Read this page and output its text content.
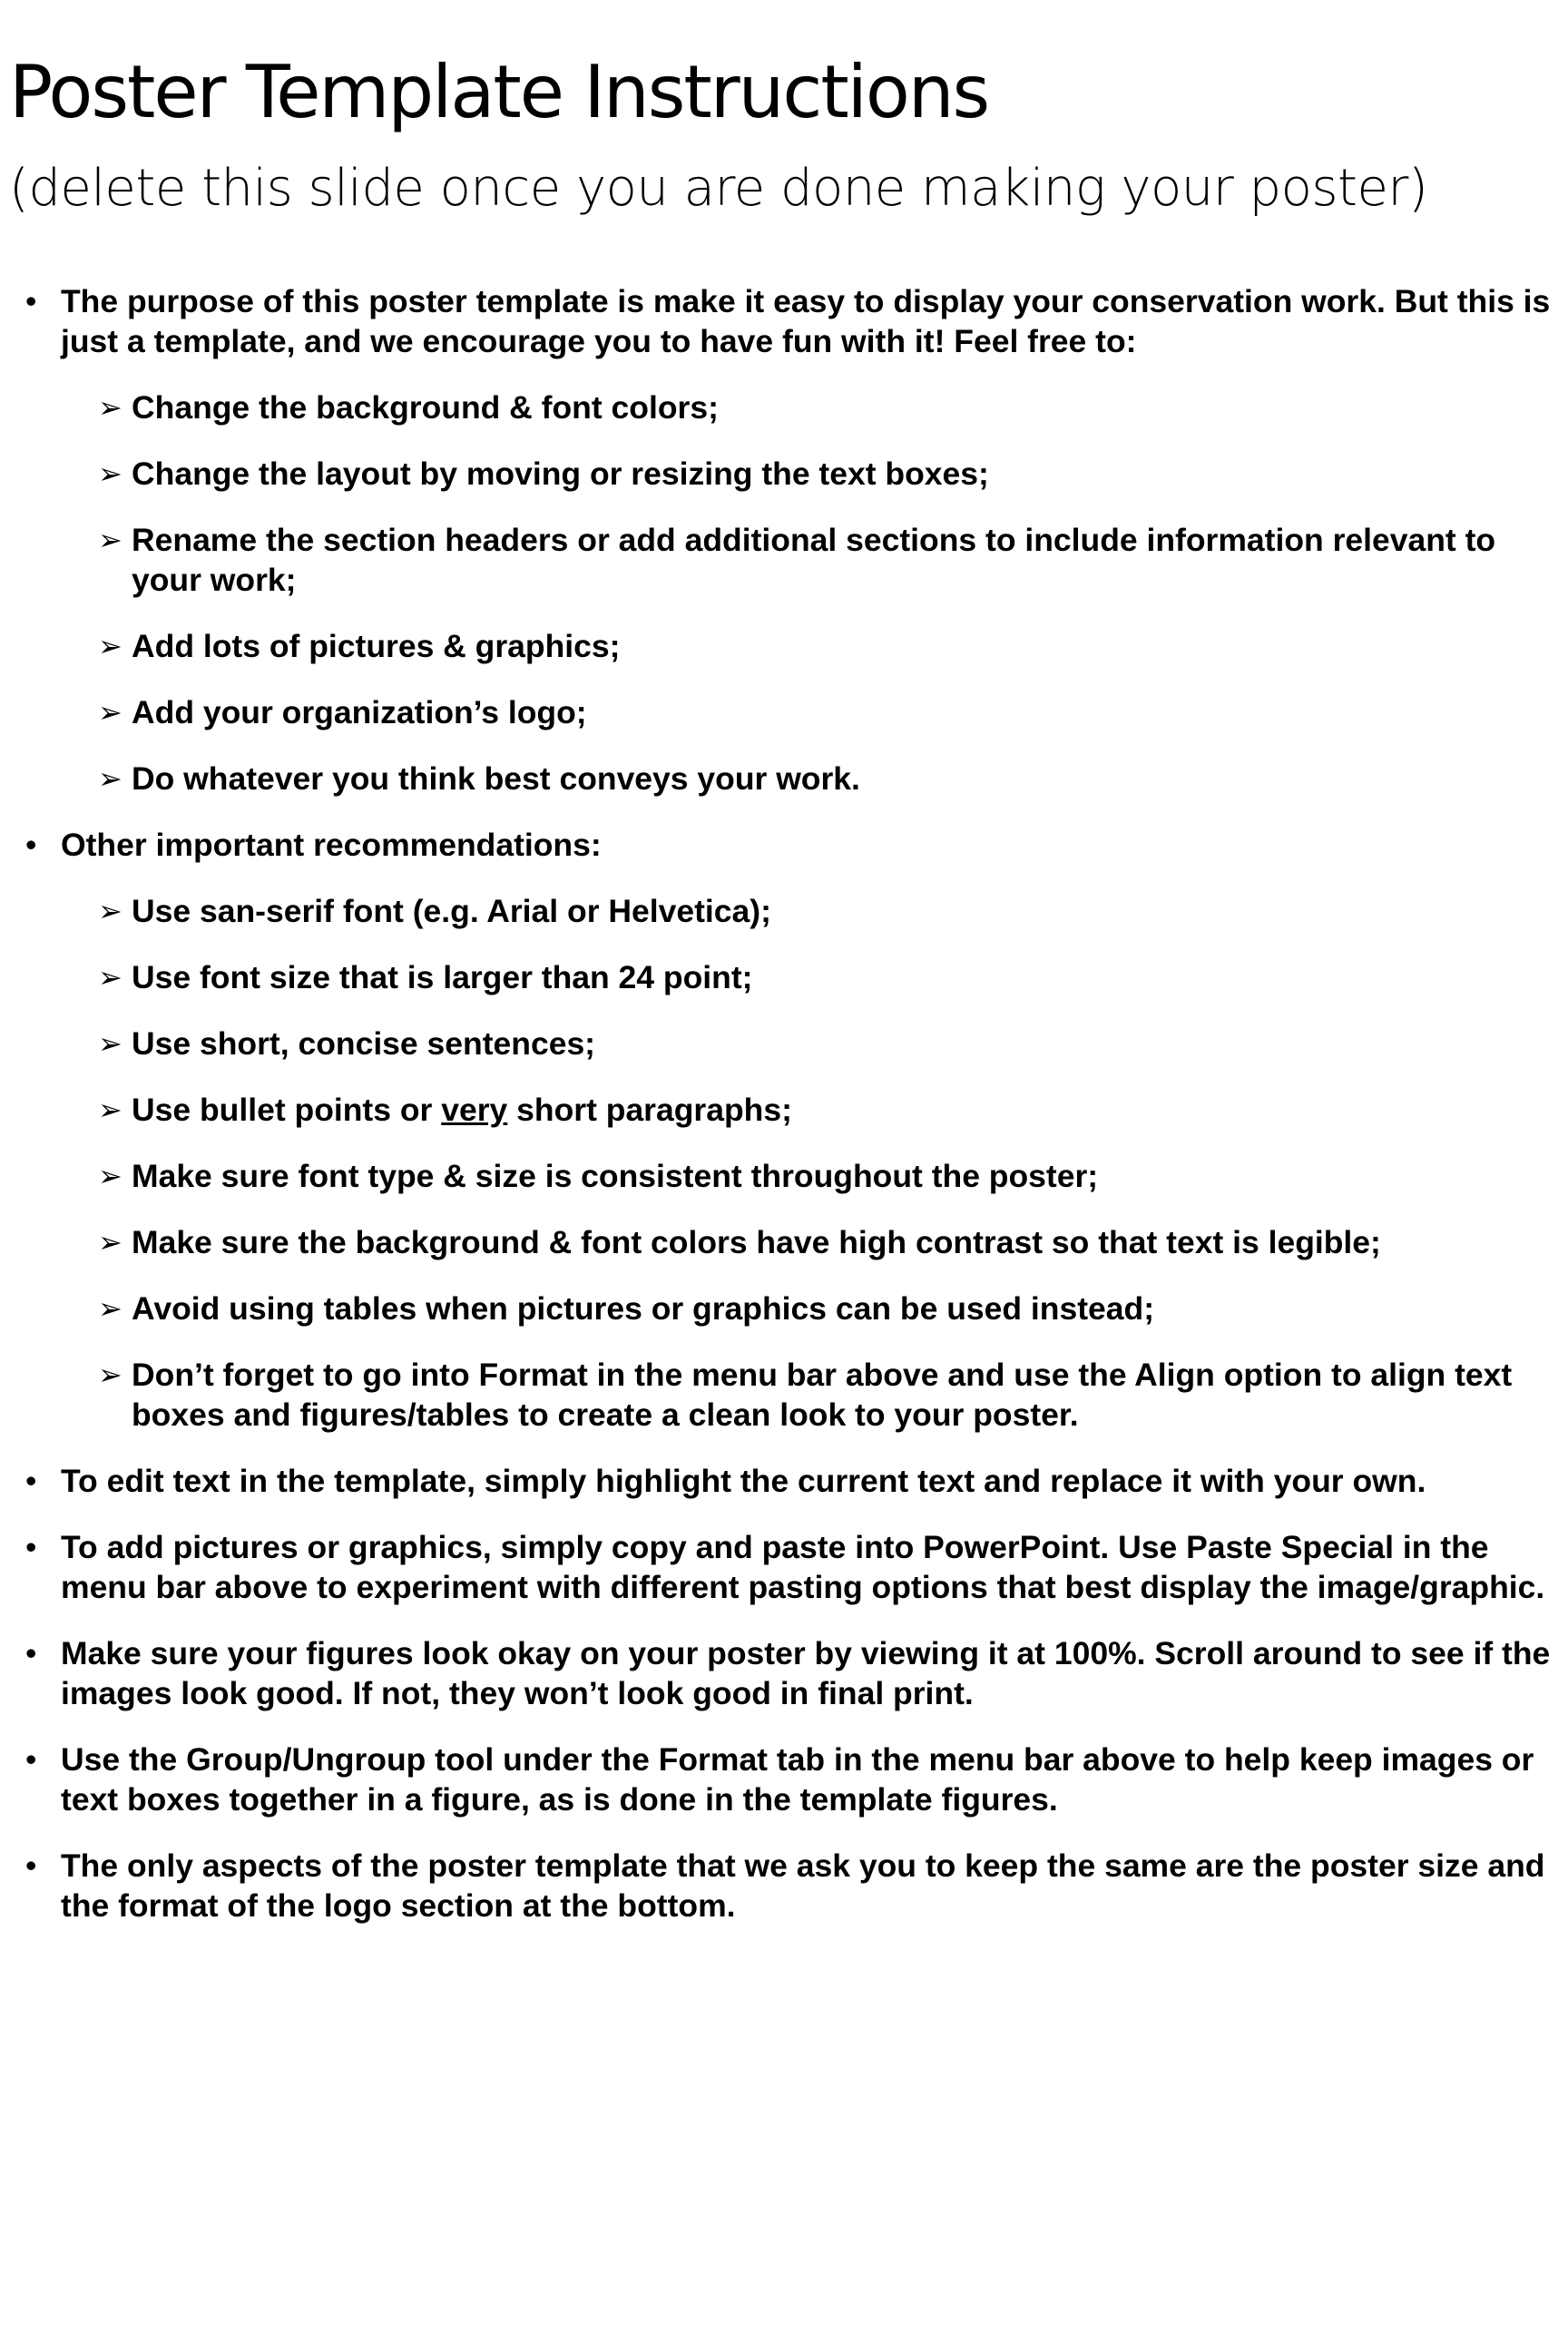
Poster Template Instructions
(delete this slide once you are done making your poster)
• The purpose of this poster template is make it easy to display your conservation work. But this is just a template, and we encourage you to have fun with it! Feel free to:
➢ Change the background & font colors;
➢ Change the layout by moving or resizing the text boxes;
➢ Rename the section headers or add additional sections to include information relevant to your work;
➢ Add lots of pictures & graphics;
➢ Add your organization’s logo;
➢ Do whatever you think best conveys your work.
• Other important recommendations:
➢ Use san-serif font (e.g. Arial or Helvetica);
➢ Use font size that is larger than 24 point;
➢ Use short, concise sentences;
➢ Use bullet points or very short paragraphs;
➢ Make sure font type & size is consistent throughout the poster;
➢ Make sure the background & font colors have high contrast so that text is legible;
➢ Avoid using tables when pictures or graphics can be used instead;
➢ Don’t forget to go into Format in the menu bar above and use the Align option to align text boxes and figures/tables to create a clean look to your poster.
• To edit text in the template, simply highlight the current text and replace it with your own.
• To add pictures or graphics, simply copy and paste into PowerPoint. Use Paste Special in the menu bar above to experiment with different pasting options that best display the image/graphic.
• Make sure your figures look okay on your poster by viewing it at 100%. Scroll around to see if the images look good. If not, they won’t look good in final print.
• Use the Group/Ungroup tool under the Format tab in the menu bar above to help keep images or text boxes together in a figure, as is done in the template figures.
• The only aspects of the poster template that we ask you to keep the same are the poster size and the format of the logo section at the bottom.
